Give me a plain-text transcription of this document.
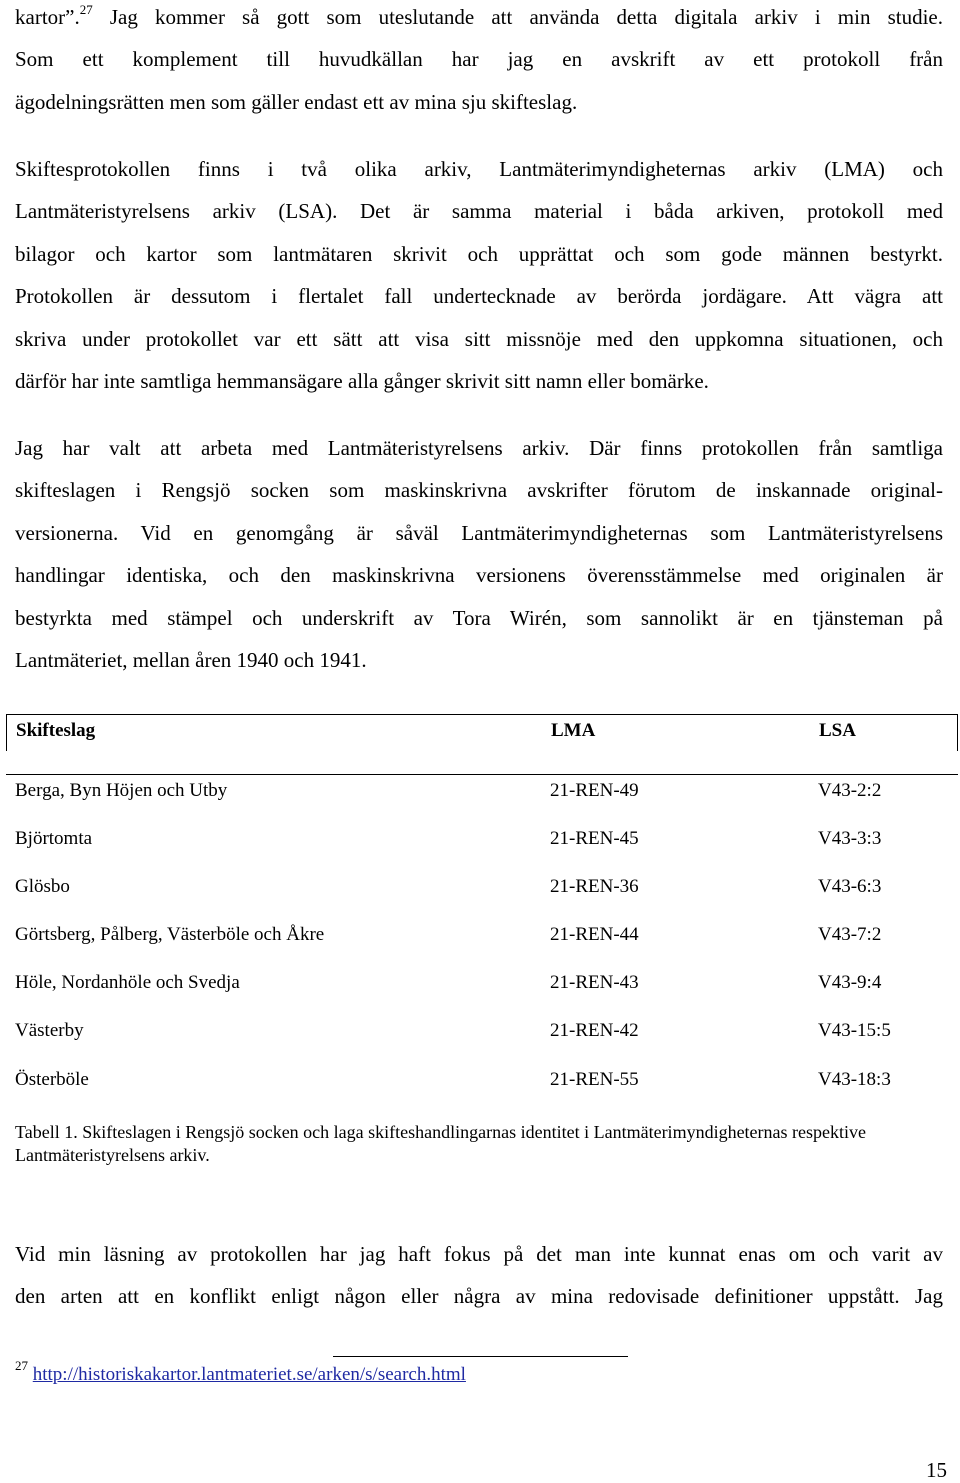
kartor”.$^{27}$ Jag kommer så gott som uteslutande att använda detta digitala arkiv i min studie.
Som ett komplement till huvudkällan har jag en avskrift av ett protokoll från
ägodelningsrätten men som gäller endast ett av mina sju skifteslag.

Skiftesprotokollen finns i två olika arkiv, Lantmäterimyndigheternas arkiv (LMA) och
Lantmäteristyrelsens arkiv (LSA). Det är samma material i båda arkiven, protokoll med
bilagor och kartor som lantmätaren skrivit och upprättat och som gode männen bestyrkt.
Protokollen är dessutom i flertalet fall undertecknade av berörda jordägare. Att vägra att
skriva under protokollet var ett sätt att visa sitt missnöje med den uppkomna situationen, och
därför har inte samtliga hemmansägare alla gånger skrivit sitt namn eller bomärke.

Jag har valt att arbeta med Lantmäteristyrelsens arkiv. Där finns protokollen från samtliga
skifteslagen i Rengsjö socken som maskinskrivna avskrifter förutom de inskannade original-
versionerna. Vid en genomgång är såväl Lantmäterimyndigheternas som Lantmäteristyrelsens
handlingar identiska, och den maskinskrivna versionens överensstämmelse med originalen är
bestyrkta med stämpel och underskrift av Tora Wirén, som sannolikt är en tjänsteman på
Lantmäteriet, mellan åren 1940 och 1941.

Skifteslag	LMA	LSA
Berga, Byn Höjen och Utby	21-REN-49	V43-2:2
Björtomta	21-REN-45	V43-3:3
Glösbo	21-REN-36	V43-6:3
Görtsberg, Pålberg, Västerböle och Åkre	21-REN-44	V43-7:2
Höle, Nordanhöle och Svedja	21-REN-43	V43-9:4
Västerby	21-REN-42	V43-15:5
Österböle	21-REN-55	V43-18:3

Tabell 1. Skifteslagen i Rengsjö socken och laga skifteshandlingarnas identitet i Lantmäterimyndigheternas respektive Lantmäteristyrelsens arkiv.

Vid min läsning av protokollen har jag haft fokus på det man inte kunnat enas om och varit av
den arten att en konflikt enligt någon eller några av mina redovisade definitioner uppstått. Jag

$^{27}$ http://historiskakartor.lantmateriet.se/arken/s/search.html
15
